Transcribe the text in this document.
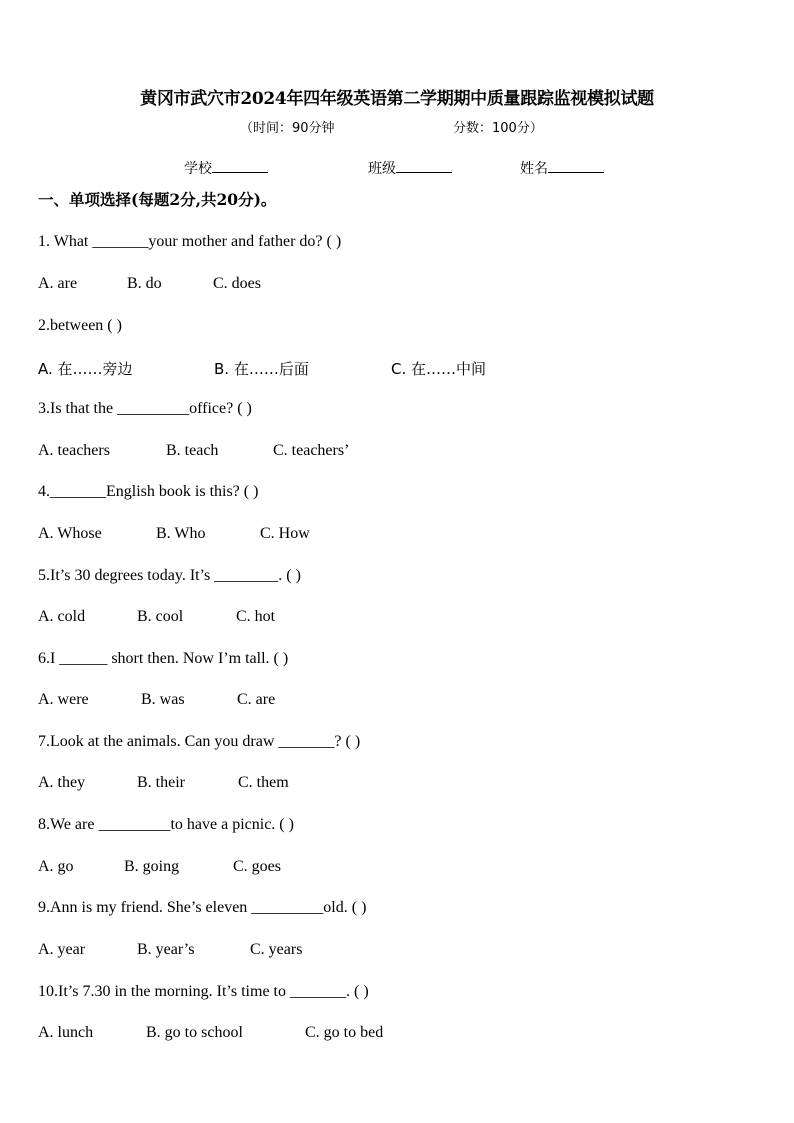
黄冈市武穴市2024年四年级英语第二学期期中质量跟踪监视模拟试题
（时间：90分钟	分数：100分）
学校	班级	姓名
一、单项选择(每题2分,共20分)。
1. What _______your mother and father do? ( )
A. are	B. do	C. does
2.between ( )
A. 在……旁边	B. 在……后面	C. 在……中间
3.Is that the _________office? ( )
A. teachers	B. teach	C. teachers’
4._______English book is this? ( )
A. Whose	B. Who	C. How
5.It’s 30 degrees today. It’s ________. ( )
A. cold	B. cool	C. hot
6.I ______ short then. Now I’m tall. ( )
A. were	B. was	C. are
7.Look at the animals. Can you draw _______? ( )
A. they	B. their	C. them
8.We are _________to have a picnic. ( )
A. go	B. going	C. goes
9.Ann is my friend. She’s eleven _________old. ( )
A. year	B. year’s	C. years
10.It’s 7.30 in the morning. It’s time to _______. ( )
A. lunch	B. go to school	C. go to bed
